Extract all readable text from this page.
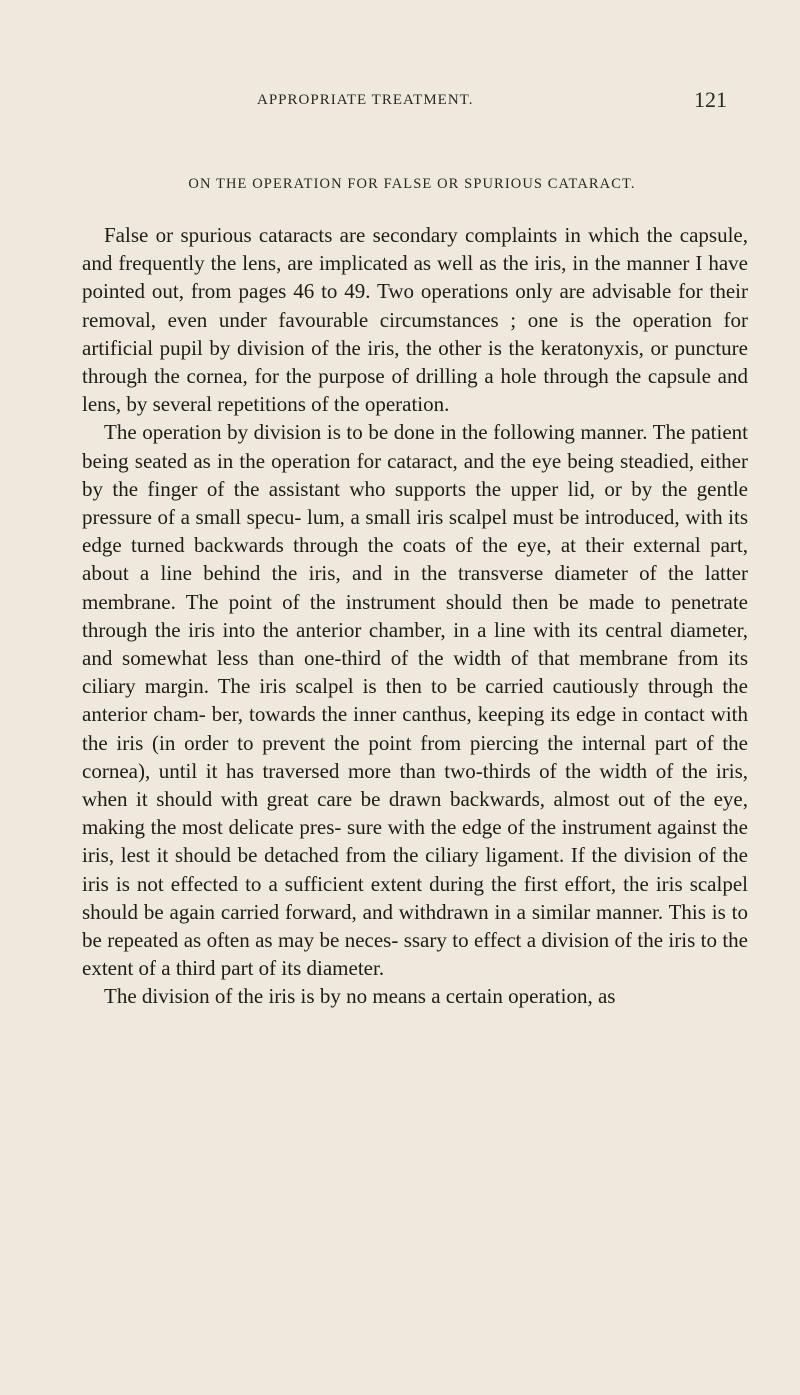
APPROPRIATE TREATMENT.	121
ON THE OPERATION FOR FALSE OR SPURIOUS CATARACT.

False or spurious cataracts are secondary complaints in which the capsule, and frequently the lens, are implicated as well as the iris, in the manner I have pointed out, from pages 46 to 49. Two operations only are advisable for their removal, even under favourable circumstances ; one is the operation for artificial pupil by division of the iris, the other is the keratonyxis, or puncture through the cornea, for the purpose of drilling a hole through the capsule and lens, by several repetitions of the operation.

The operation by division is to be done in the following manner. The patient being seated as in the operation for cataract, and the eye being steadied, either by the finger of the assistant who supports the upper lid, or by the gentle pressure of a small specu- lum, a small iris scalpel must be introduced, with its edge turned backwards through the coats of the eye, at their external part, about a line behind the iris, and in the transverse diameter of the latter membrane. The point of the instrument should then be made to penetrate through the iris into the anterior chamber, in a line with its central diameter, and somewhat less than one-third of the width of that membrane from its ciliary margin. The iris scalpel is then to be carried cautiously through the anterior cham- ber, towards the inner canthus, keeping its edge in contact with the iris (in order to prevent the point from piercing the internal part of the cornea), until it has traversed more than two-thirds of the width of the iris, when it should with great care be drawn backwards, almost out of the eye, making the most delicate pres- sure with the edge of the instrument against the iris, lest it should be detached from the ciliary ligament. If the division of the iris is not effected to a sufficient extent during the first effort, the iris scalpel should be again carried forward, and withdrawn in a similar manner. This is to be repeated as often as may be neces- ssary to effect a division of the iris to the extent of a third part of its diameter.

The division of the iris is by no means a certain operation, as
